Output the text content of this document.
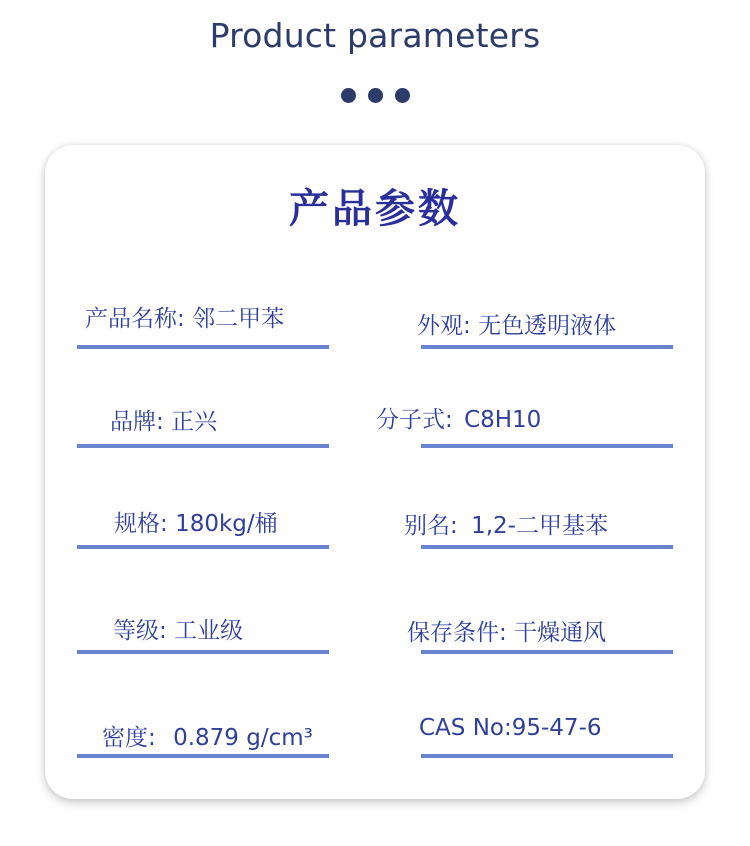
Product parameters
产品参数
产品名称: 邻二甲苯	外观: 无色透明液体
品牌: 正兴	分子式: C8H10
规格: 180kg/桶	别名: 1,2-二甲基苯
等级: 工业级	保存条件: 干燥通风
密度: 0.879 g/cm³	CAS No:95-47-6
